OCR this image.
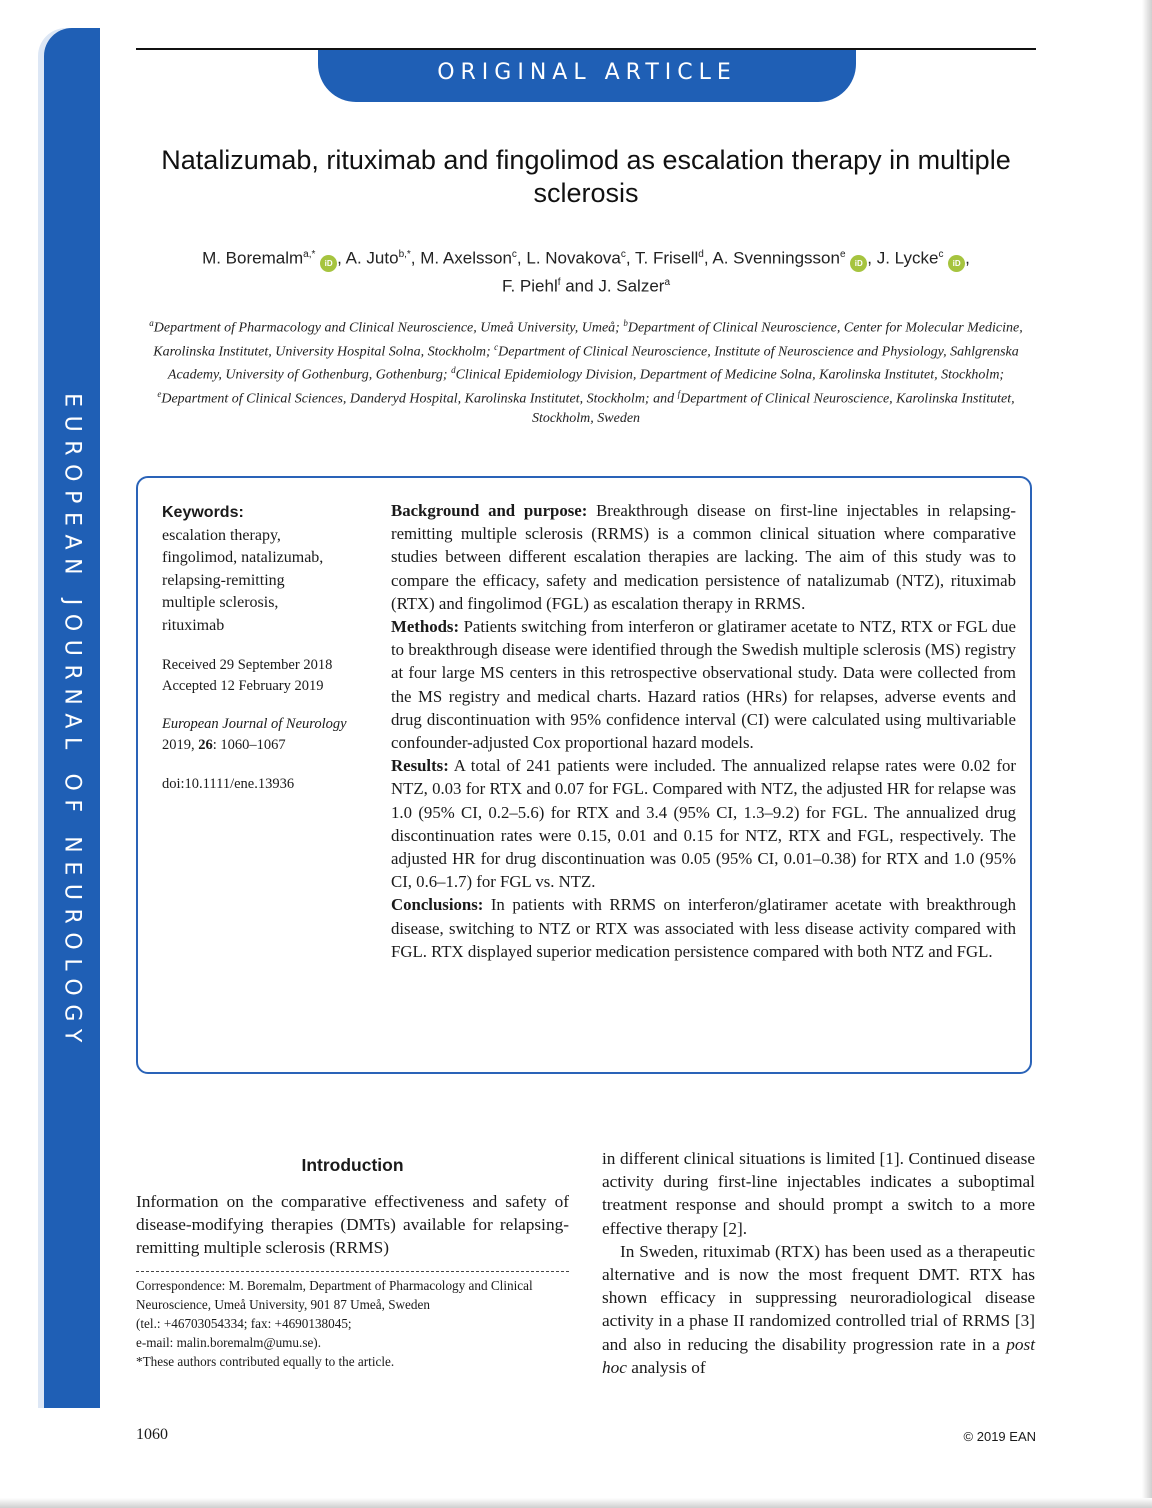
EUROPEAN JOURNAL OF NEUROLOGY
ORIGINAL ARTICLE
Natalizumab, rituximab and fingolimod as escalation therapy in multiple sclerosis
M. Boremalm$^{a,*}$ iD , A. Juto$^{b,*}$, M. Axelsson$^c$, L. Novakova$^c$, T. Frisell$^d$, A. Svenningsson$^e$ iD , J. Lycke$^c$ iD ,
F. Piehl$^f$ and J. Salzer$^a$
$^a$Department of Pharmacology and Clinical Neuroscience, Umeå University, Umeå; $^b$Department of Clinical Neuroscience, Center for Molecular Medicine, Karolinska Institutet, University Hospital Solna, Stockholm; $^c$Department of Clinical Neuroscience, Institute of Neuroscience and Physiology, Sahlgrenska Academy, University of Gothenburg, Gothenburg; $^d$Clinical Epidemiology Division, Department of Medicine Solna, Karolinska Institutet, Stockholm; $^e$Department of Clinical Sciences, Danderyd Hospital, Karolinska Institutet, Stockholm; and $^f$Department of Clinical Neuroscience, Karolinska Institutet, Stockholm, Sweden
Keywords:
escalation therapy,
fingolimod, natalizumab,
relapsing-remitting
multiple sclerosis,
rituximab
Received 29 September 2018
Accepted 12 February 2019
European Journal of Neurology 2019, 26: 1060–1067
doi:10.1111/ene.13936

Background and purpose: Breakthrough disease on first-line injectables in relapsing-remitting multiple sclerosis (RRMS) is a common clinical situation where comparative studies between different escalation therapies are lacking. The aim of this study was to compare the efficacy, safety and medication persistence of natalizumab (NTZ), rituximab (RTX) and fingolimod (FGL) as escalation therapy in RRMS.

Methods: Patients switching from interferon or glatiramer acetate to NTZ, RTX or FGL due to breakthrough disease were identified through the Swedish multiple sclerosis (MS) registry at four large MS centers in this retrospective observational study. Data were collected from the MS registry and medical charts. Hazard ratios (HRs) for relapses, adverse events and drug discontinuation with 95% confidence interval (CI) were calculated using multivariable confounder-adjusted Cox proportional hazard models.

Results: A total of 241 patients were included. The annualized relapse rates were 0.02 for NTZ, 0.03 for RTX and 0.07 for FGL. Compared with NTZ, the adjusted HR for relapse was 1.0 (95% CI, 0.2–5.6) for RTX and 3.4 (95% CI, 1.3–9.2) for FGL. The annualized drug discontinuation rates were 0.15, 0.01 and 0.15 for NTZ, RTX and FGL, respectively. The adjusted HR for drug discontinuation was 0.05 (95% CI, 0.01–0.38) for RTX and 1.0 (95% CI, 0.6–1.7) for FGL vs. NTZ.

Conclusions: In patients with RRMS on interferon/glatiramer acetate with breakthrough disease, switching to NTZ or RTX was associated with less disease activity compared with FGL. RTX displayed superior medication persistence compared with both NTZ and FGL.

Introduction

Information on the comparative effectiveness and safety of disease-modifying therapies (DMTs) available for relapsing-remitting multiple sclerosis (RRMS)

Correspondence: M. Boremalm, Department of Pharmacology and Clinical Neuroscience, Umeå University, 901 87 Umeå, Sweden
(tel.: +46703054334; fax: +4690138045;
e-mail: malin.boremalm@umu.se).
*These authors contributed equally to the article.

in different clinical situations is limited [1]. Continued disease activity during first-line injectables indicates a suboptimal treatment response and should prompt a switch to a more effective therapy [2].

In Sweden, rituximab (RTX) has been used as a therapeutic alternative and is now the most frequent DMT. RTX has shown efficacy in suppressing neuroradiological disease activity in a phase II randomized controlled trial of RRMS [3] and also in reducing the disability progression rate in a post hoc analysis of

1060	© 2019 EAN
